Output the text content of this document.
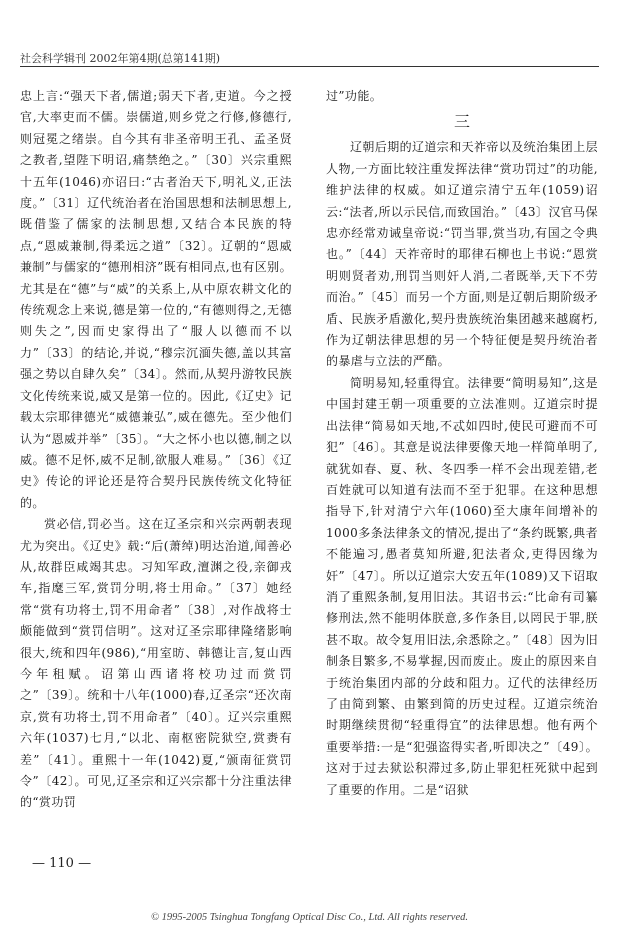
社会科学辑刊 2002年第4期(总第141期)

忠上言:“强天下者,儒道;弱天下者,吏道。今之授官,大率吏而不儒。崇儒道,则乡党之行修,修德行,则冠冕之绪崇。自今其有非圣帝明王孔、孟圣贤之教者,望陛下明诏,痛禁绝之。”〔30〕兴宗重熙十五年(1046)亦诏曰:“古者治天下,明礼义,正法度。”〔31〕辽代统治者在治国思想和法制思想上,既借鉴了儒家的法制思想,又结合本民族的特点,“恩威兼制,得柔远之道”〔32〕。辽朝的“恩威兼制”与儒家的“德刑相济”既有相同点,也有区别。尤其是在“德”与“威”的关系上,从中原农耕文化的传统观念上来说,德是第一位的,“有德则得之,无德则失之”,因而史家得出了“服人以德而不以力”〔33〕的结论,并说,“穆宗沉湎失德,盖以其富强之势以自肆久矣”〔34〕。然而,从契丹游牧民族文化传统来说,威又是第一位的。因此,《辽史》记载太宗耶律德光“威德兼弘”,威在德先。至少他们认为“恩威并举”〔35〕。“大之怀小也以德,制之以威。德不足怀,威不足制,欲服人难易。”〔36〕《辽史》传论的评论还是符合契丹民族传统文化特征的。

赏必信,罚必当。这在辽圣宗和兴宗两朝表现尤为突出。《辽史》载:“后(萧绰)明达治道,闻善必从,故群臣咸竭其忠。习知军政,澶渊之役,亲御戎车,指麾三军,赏罚分明,将士用命。”〔37〕她经常“赏有功将士,罚不用命者”〔38〕,对作战将士颇能做到“赏罚信明”。这对辽圣宗耶律隆绪影响很大,统和四年(986),“用室昉、韩德让言,复山西今年租赋。诏第山西诸将校功过而赏罚之”〔39〕。统和十八年(1000)春,辽圣宗“还次南京,赏有功将士,罚不用命者”〔40〕。辽兴宗重熙六年(1037)七月,“以北、南枢密院狱空,赏赉有差”〔41〕。重熙十一年(1042)夏,“颁南征赏罚令”〔42〕。可见,辽圣宗和辽兴宗都十分注重法律的“赏功罚

过”功能。

三

辽朝后期的辽道宗和天祚帝以及统治集团上层人物,一方面比较注重发挥法律“赏功罚过”的功能,维护法律的权威。如辽道宗清宁五年(1059)诏云:“法者,所以示民信,而致国治。”〔43〕汉官马保忠亦经常劝诫皇帝说:“罚当罪,赏当功,有国之令典也。”〔44〕天祚帝时的耶律石柳也上书说:“恩赏明则贤者劝,刑罚当则奸人消,二者既举,天下不劳而治。”〔45〕而另一个方面,则是辽朝后期阶级矛盾、民族矛盾激化,契丹贵族统治集团越来越腐朽,作为辽朝法律思想的另一个特征便是契丹统治者的暴虐与立法的严酷。

简明易知,轻重得宜。法律要“简明易知”,这是中国封建王朝一项重要的立法准则。辽道宗时提出法律“简易如天地,不忒如四时,使民可避而不可犯”〔46〕。其意是说法律要像天地一样简单明了,就犹如春、夏、秋、冬四季一样不会出现差错,老百姓就可以知道有法而不至于犯罪。在这种思想指导下,针对清宁六年(1060)至大康年间增补的1000多条法律条文的情况,提出了“条约既繁,典者不能遍习,愚者莫知所避,犯法者众,吏得因缘为奸”〔47〕。所以辽道宗大安五年(1089)又下诏取消了重熙条制,复用旧法。其诏书云:“比命有司纂修刑法,然不能明体朕意,多作条目,以罔民于罪,朕甚不取。故令复用旧法,余悉除之。”〔48〕因为旧制条目繁多,不易掌握,因而废止。废止的原因来自于统治集团内部的分歧和阻力。辽代的法律经历了由简到繁、由繁到简的历史过程。辽道宗统治时期继续贯彻“轻重得宜”的法律思想。他有两个重要举措:一是“犯强盗得实者,听即决之”〔49〕。这对于过去狱讼积滞过多,防止罪犯枉死狱中起到了重要的作用。二是“诏狱

— 110 —
© 1995-2005 Tsinghua Tongfang Optical Disc Co., Ltd. All rights reserved.
